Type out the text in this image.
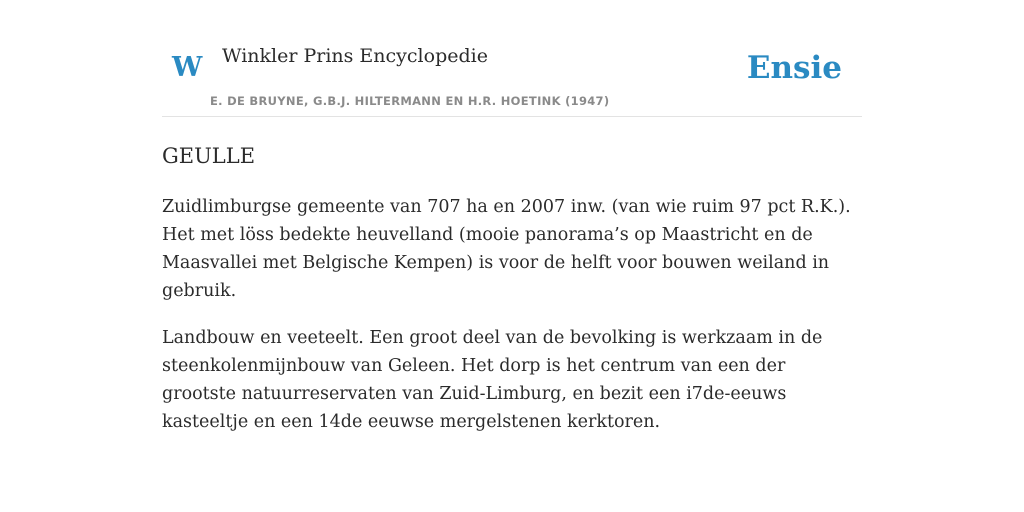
W Winkler Prins Encyclopedie
E. DE BRUYNE, G.B.J. HILTERMANN EN H.R. HOETINK (1947)
Ensie
GEULLE

Zuidlimburgse gemeente van 707 ha en 2007 inw. (van wie ruim 97 pct R.K.). Het met löss bedekte heuvelland (mooie panorama’s op Maastricht en de Maasvallei met Belgische Kempen) is voor de helft voor bouwen weiland in gebruik.

Landbouw en veeteelt. Een groot deel van de bevolking is werkzaam in de steenkolenmijnbouw van Geleen. Het dorp is het centrum van een der grootste natuurreservaten van Zuid-Limburg, en bezit een i7de-eeuws kasteeltje en een 14de eeuwse mergelstenen kerktoren.
